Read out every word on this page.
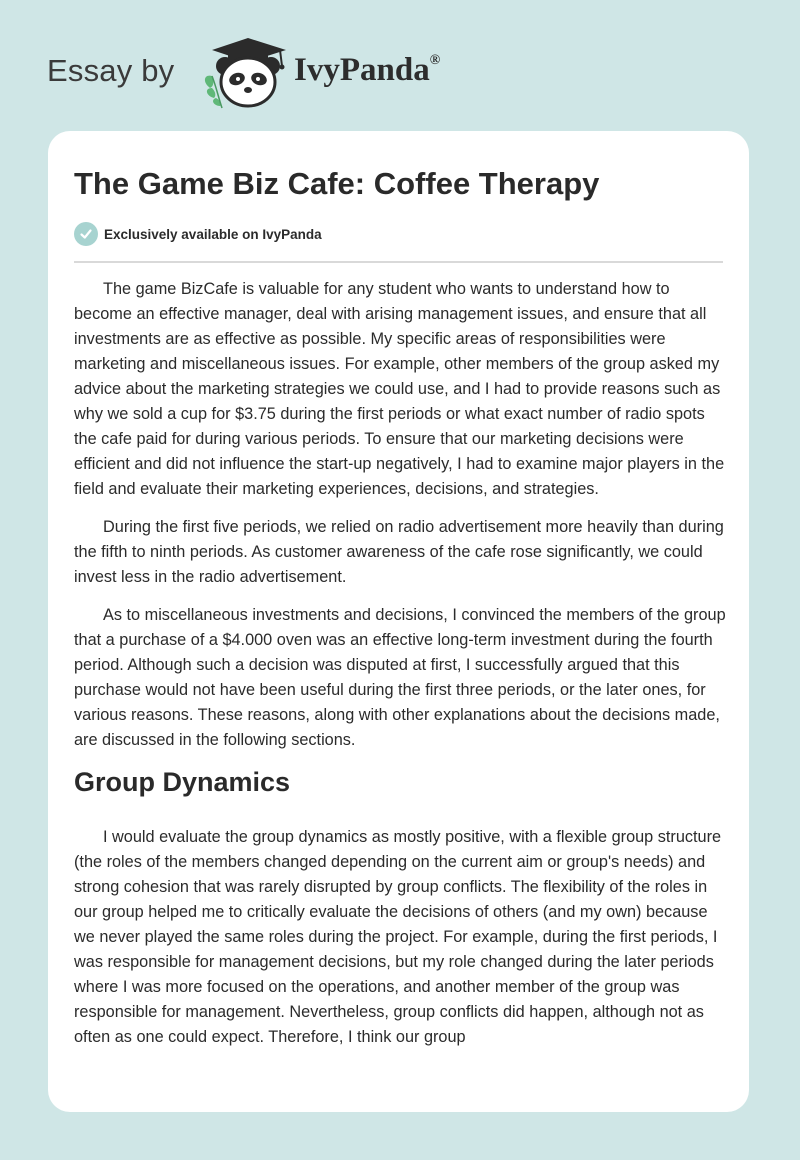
Essay by	IvyPanda®
The Game Biz Cafe: Coffee Therapy
Exclusively available on IvyPanda

The game BizCafe is valuable for any student who wants to understand how to become an effective manager, deal with arising management issues, and ensure that all investments are as effective as possible. My specific areas of responsibilities were marketing and miscellaneous issues. For example, other members of the group asked my advice about the marketing strategies we could use, and I had to provide reasons such as why we sold a cup for $3.75 during the first periods or what exact number of radio spots the cafe paid for during various periods. To ensure that our marketing decisions were efficient and did not influence the start-up negatively, I had to examine major players in the field and evaluate their marketing experiences, decisions, and strategies.

During the first five periods, we relied on radio advertisement more heavily than during the fifth to ninth periods. As customer awareness of the cafe rose significantly, we could invest less in the radio advertisement.

As to miscellaneous investments and decisions, I convinced the members of the group that a purchase of a $4.000 oven was an effective long-term investment during the fourth period. Although such a decision was disputed at first, I successfully argued that this purchase would not have been useful during the first three periods, or the later ones, for various reasons. These reasons, along with other explanations about the decisions made, are discussed in the following sections.

Group Dynamics

I would evaluate the group dynamics as mostly positive, with a flexible group structure (the roles of the members changed depending on the current aim or group's needs) and strong cohesion that was rarely disrupted by group conflicts. The flexibility of the roles in our group helped me to critically evaluate the decisions of others (and my own) because we never played the same roles during the project. For example, during the first periods, I was responsible for management decisions, but my role changed during the later periods where I was more focused on the operations, and another member of the group was responsible for management. Nevertheless, group conflicts did happen, although not as often as one could expect. Therefore, I think our group
